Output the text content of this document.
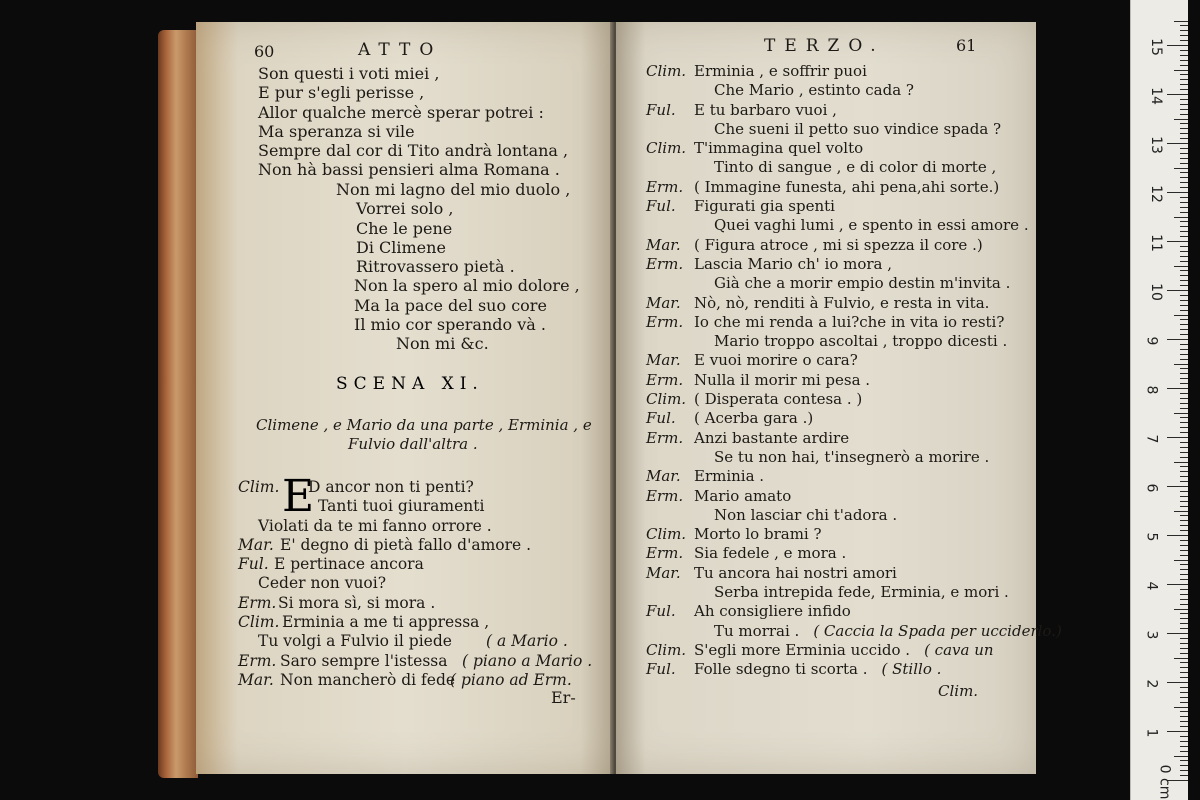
60	ATTO
Son questi i voti miei ,
E pur s'egli perisse ,
Allor qualche mercè sperar potrei :
Ma speranza si vile
Sempre dal cor di Tito andrà lontana ,
Non hà bassi pensieri alma Romana .
Non mi lagno del mio duolo ,
Vorrei solo ,
Che le pene
Di Climene
Ritrovassero pietà .
Non la spero al mio dolore ,
Ma la pace del suo core
Il mio cor sperando và .
Non mi &c.
SCENA XI.
Climene , e Mario da una parte , Erminia , e
Fulvio dall'altra .
E
Clim. D ancor non ti penti?
Tanti tuoi giuramenti
Violati da te mi fanno orrore .
Mar. E' degno di pietà fallo d'amore .
Ful. E pertinace ancora
Ceder non vuoi?
Erm. Si mora sì, si mora .
Clim. Erminia a me ti appressa ,
Tu volgi a Fulvio il piede ( a Mario .
Erm. Saro sempre l'istessa ( piano a Mario .
Mar. Non mancherò di fede( piano ad Erm.
Er-
TERZO.	61
Clim. Erminia , e soffrir puoi
Che Mario , estinto cada ?
Ful. E tu barbaro vuoi ,
Che sueni il petto suo vindice spada ?
Clim. T'immagina quel volto
Tinto di sangue , e di color di morte ,
Erm. ( Immagine funesta, ahi pena,ahi sorte.)
Ful. Figurati gia spenti
Quei vaghi lumi , e spento in essi amore .
Mar. ( Figura atroce , mi si spezza il core .)
Erm. Lascia Mario ch' io mora ,
Già che a morir empio destin m'invita .
Mar. Nò, nò, renditi à Fulvio, e resta in vita.
Erm. Io che mi renda a lui?che in vita io resti?
Mario troppo ascoltai , troppo dicesti .
Mar. E vuoi morire o cara?
Erm. Nulla il morir mi pesa .
Clim. ( Disperata contesa . )
Ful. ( Acerba gara .)
Erm. Anzi bastante ardire
Se tu non hai, t'insegnerò a morire .
Mar. Erminia .
Erm. Mario amato
Non lasciar chi t'adora .
Clim. Morto lo brami ?
Erm. Sia fedele , e mora .
Mar. Tu ancora hai nostri amori
Serba intrepida fede, Erminia, e mori .
Ful. Ah consigliere infido
Tu morrai . ( Caccia la Spada per ucciderlo.)
Clim. S'egli more Erminia uccido . ( cava un
Ful. Folle sdegno ti scorta . ( Stillo .
Clim.
0 cm
1
2
3
4
5
6
7
8
9
10
11
12
13
14
15
